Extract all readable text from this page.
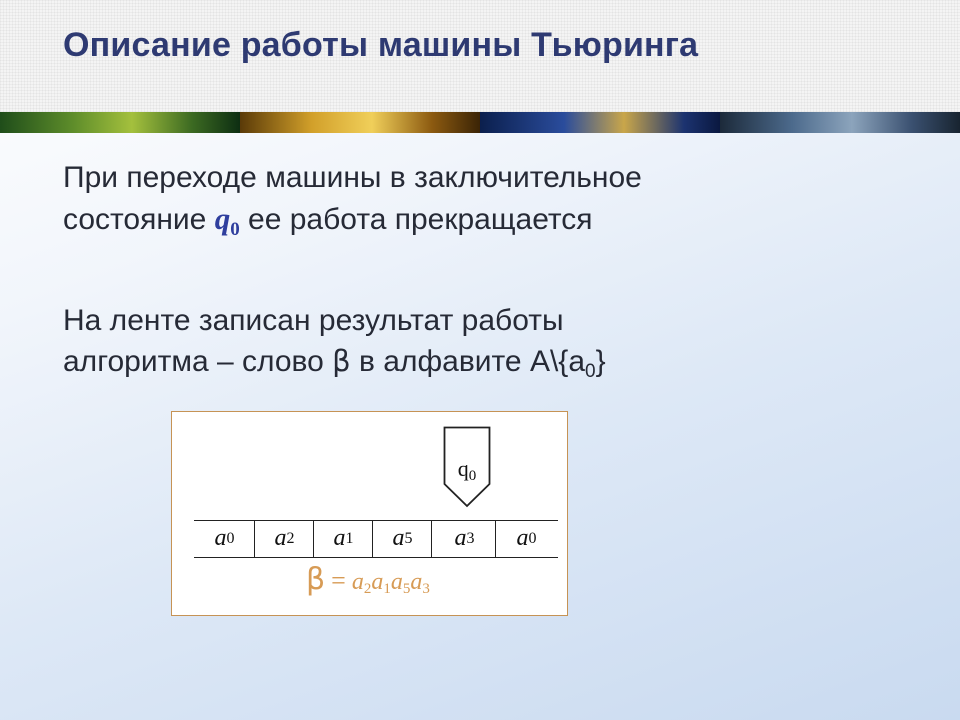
Описание работы машины Тьюринга

При переходе машины в заключительное
состояние $q_0$ ее работа прекращается

На ленте записан результат работы
алгоритма – слово β в алфавите $A\backslash\{a_0\}$

$q_0$
a 0 a 2 a 1 a 5 a 3 a 0
$\beta = a_2a_1a_5a_3$
